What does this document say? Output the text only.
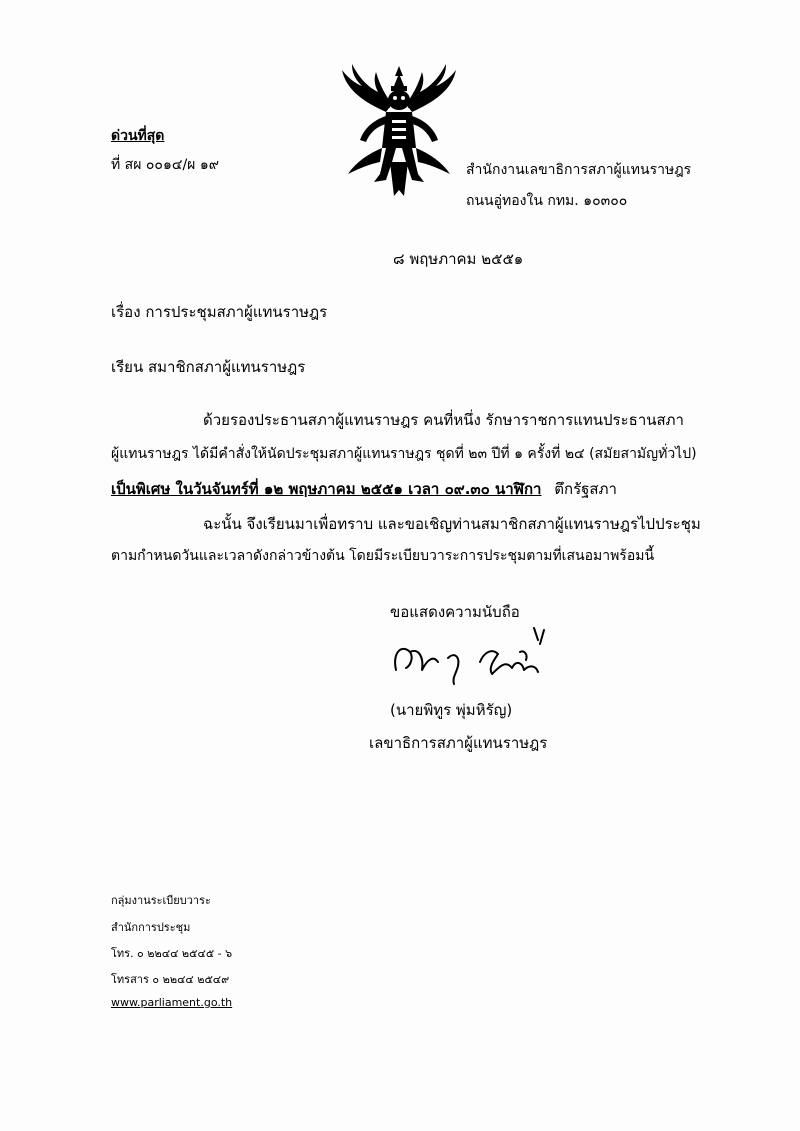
ด่วนที่สุด
ที่ สผ ๐๐๑๔/ผ ๑๙	สำนักงานเลขาธิการสภาผู้แทนราษฎร
ถนนอู่ทองใน กทม. ๑๐๓๐๐
๘ พฤษภาคม ๒๕๕๑
เรื่อง การประชุมสภาผู้แทนราษฎร
เรียน สมาชิกสภาผู้แทนราษฎร
ด้วยรองประธานสภาผู้แทนราษฎร คนที่หนึ่ง รักษาราชการแทนประธานสภา
ผู้แทนราษฎร ได้มีคำสั่งให้นัดประชุมสภาผู้แทนราษฎร ชุดที่ ๒๓ ปีที่ ๑ ครั้งที่ ๒๔ (สมัยสามัญทั่วไป)
เป็นพิเศษ ในวันจันทร์ที่ ๑๒ พฤษภาคม ๒๕๕๑ เวลา ๐๙.๓๐ นาฬิกา ตึกรัฐสภา
ฉะนั้น จึงเรียนมาเพื่อทราบ และขอเชิญท่านสมาชิกสภาผู้แทนราษฎรไปประชุม
ตามกำหนดวันและเวลาดังกล่าวข้างต้น โดยมีระเบียบวาระการประชุมตามที่เสนอมาพร้อมนี้
ขอแสดงความนับถือ
(นายพิทูร พุ่มหิรัญ)
เลขาธิการสภาผู้แทนราษฎร
กลุ่มงานระเบียบวาระ
สำนักการประชุม
โทร. ๐ ๒๒๔๔ ๒๕๔๕ - ๖
โทรสาร ๐ ๒๒๔๔ ๒๕๔๙
www.parliament.go.th
